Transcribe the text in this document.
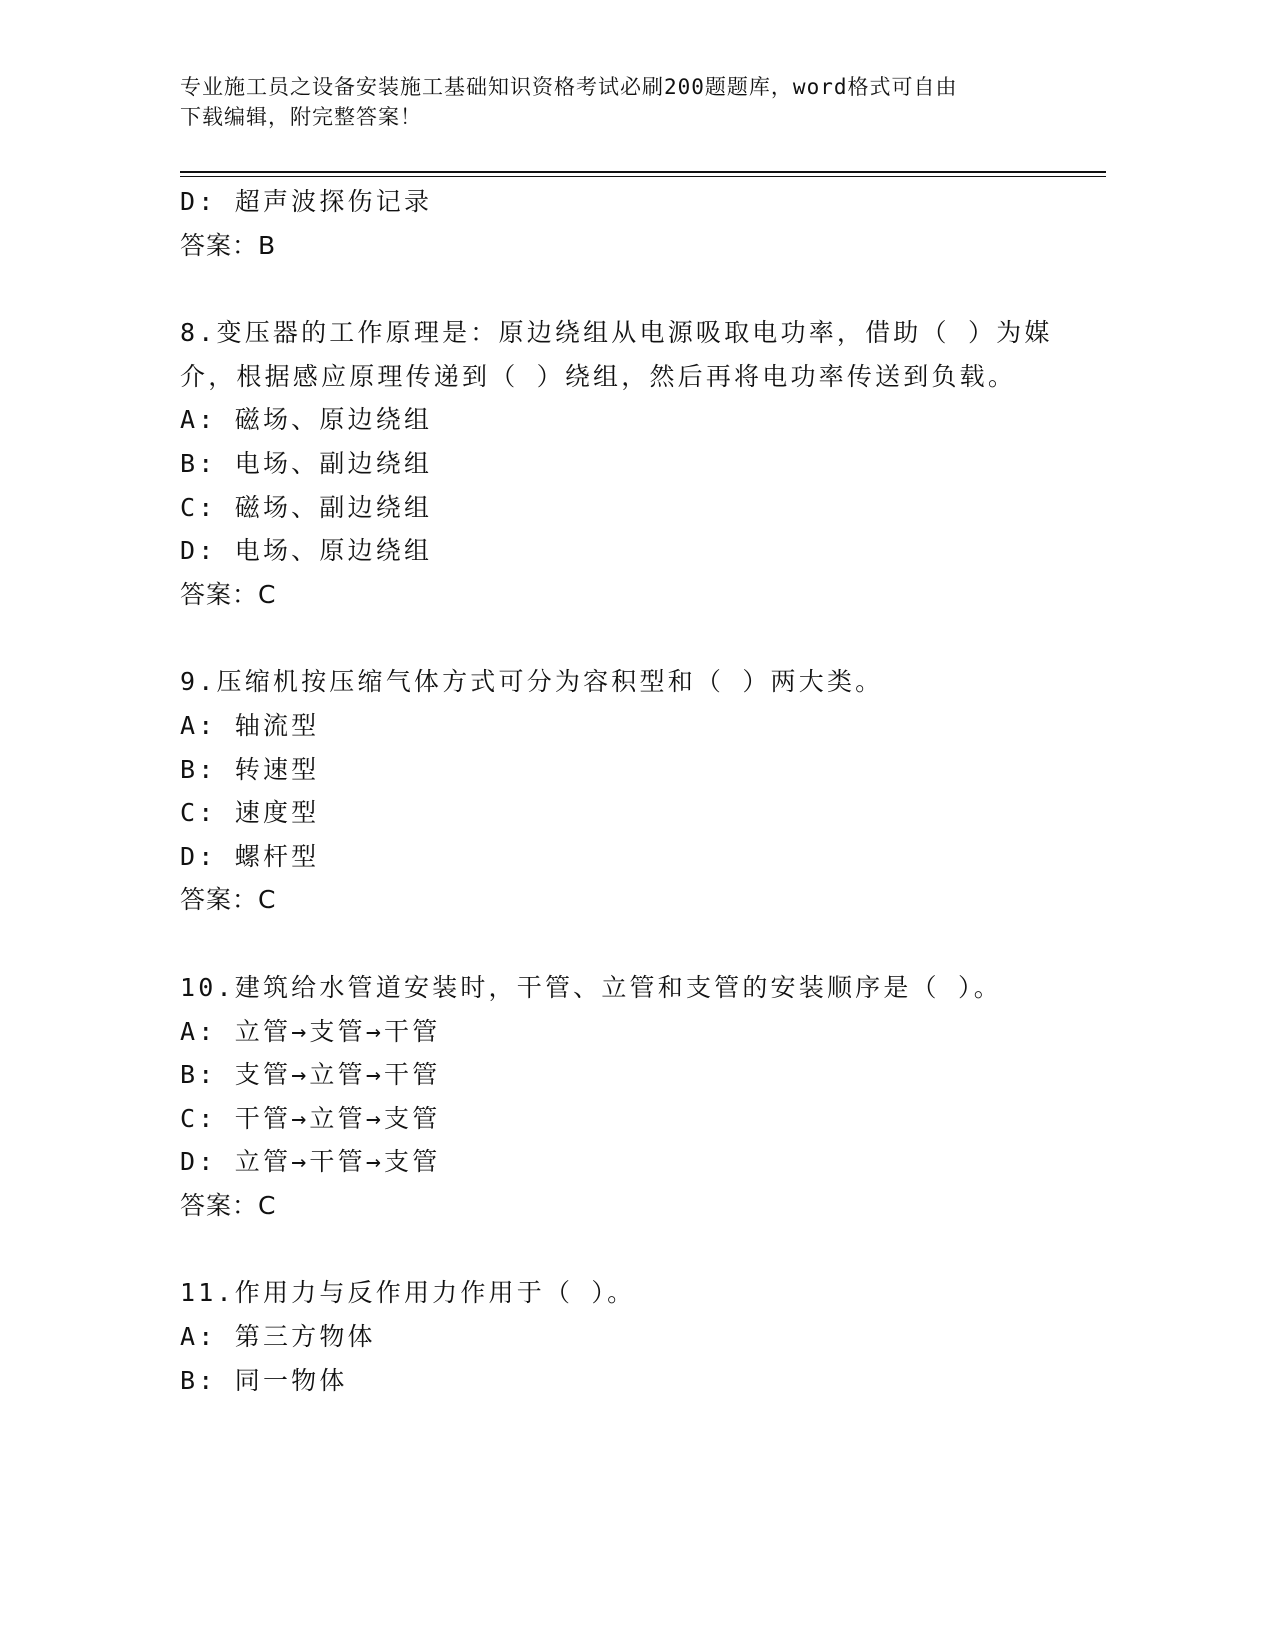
专业施工员之设备安装施工基础知识资格考试必刷200题题库，word格式可自由
下载编辑，附完整答案！
D: 超声波探伤记录
答案：B
8.变压器的工作原理是：原边绕组从电源吸取电功率，借助（ ）为媒
介，根据感应原理传递到（ ）绕组，然后再将电功率传送到负载。
A: 磁场、原边绕组
B: 电场、副边绕组
C: 磁场、副边绕组
D: 电场、原边绕组
答案：C
9.压缩机按压缩气体方式可分为容积型和（ ）两大类。
A: 轴流型
B: 转速型
C: 速度型
D: 螺杆型
答案：C
10.建筑给水管道安装时，干管、立管和支管的安装顺序是（ ）。
A: 立管→支管→干管
B: 支管→立管→干管
C: 干管→立管→支管
D: 立管→干管→支管
答案：C
11.作用力与反作用力作用于（ ）。
A: 第三方物体
B: 同一物体
